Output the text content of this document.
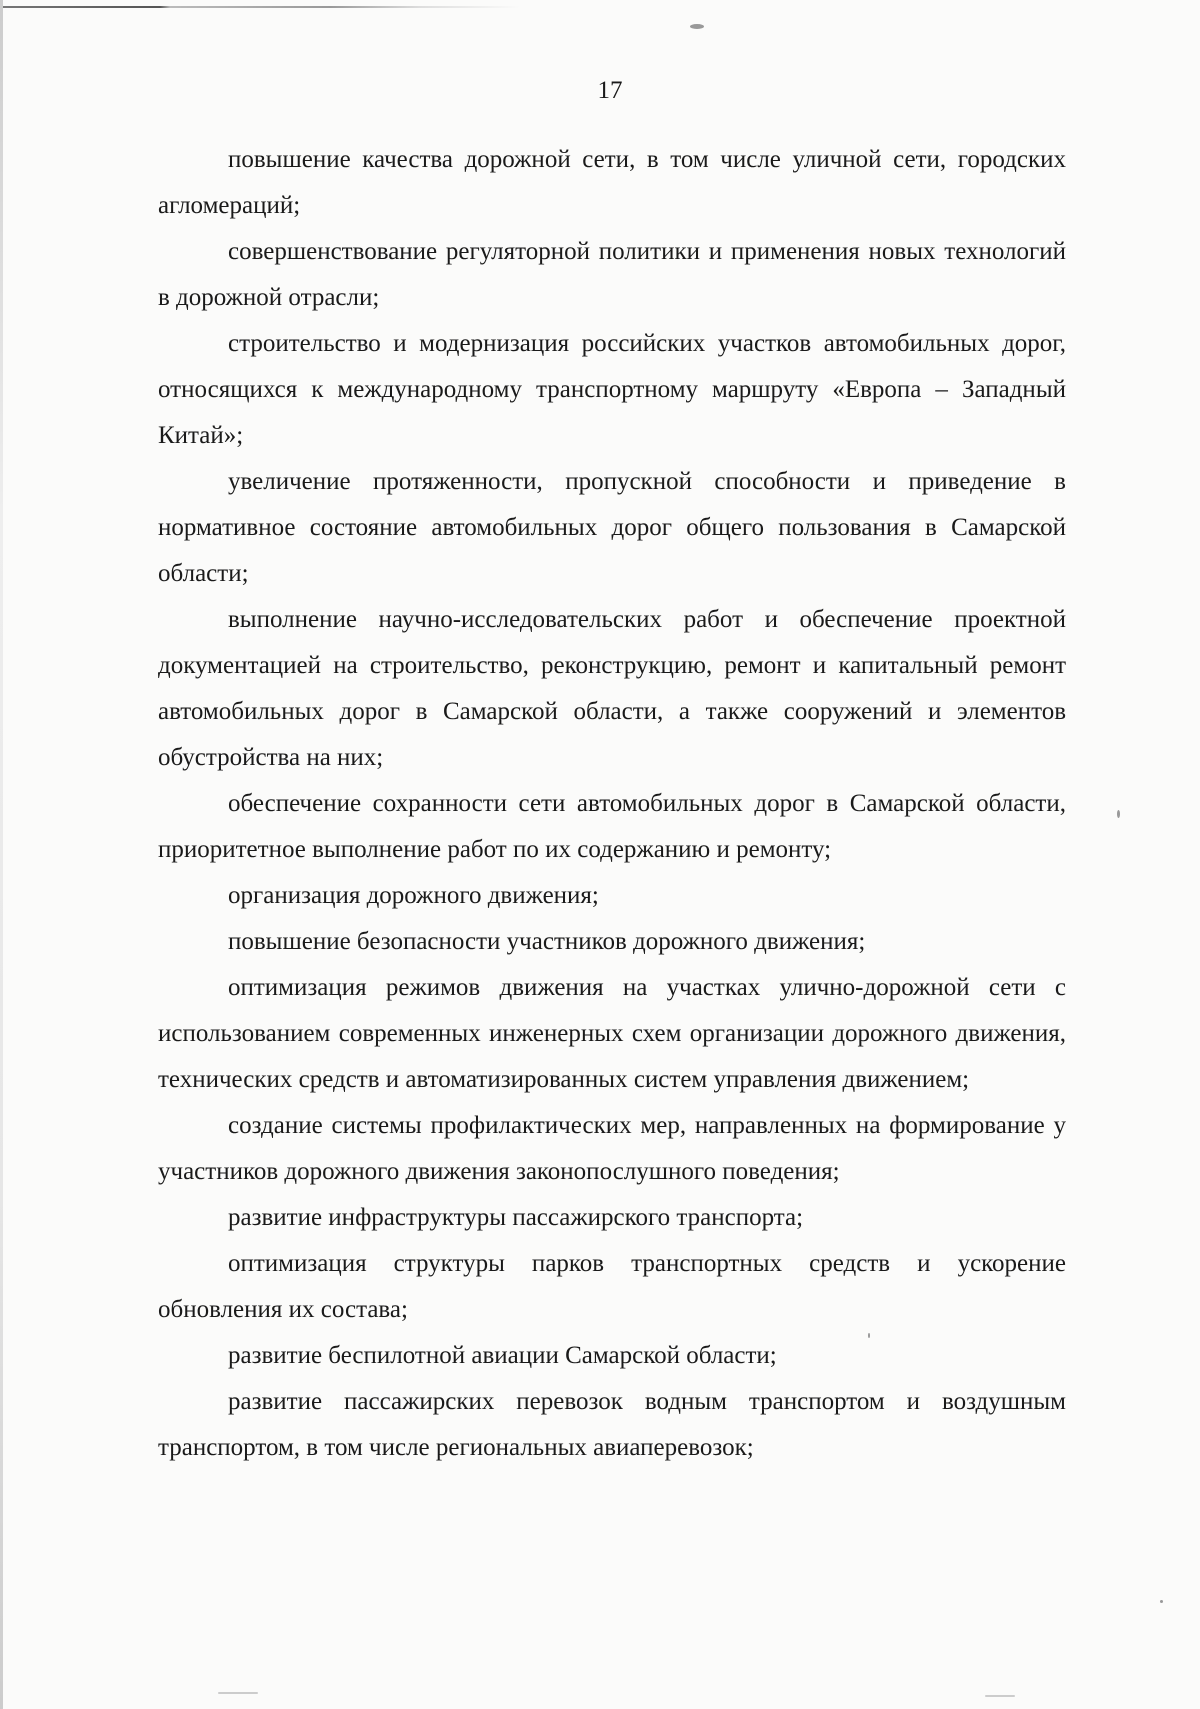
17

повышение качества дорожной сети, в том числе уличной сети, городских агломераций;

совершенствование регуляторной политики и применения новых технологий в дорожной отрасли;

строительство и модернизация российских участков автомобильных дорог, относящихся к международному транспортному маршруту «Европа – Западный Китай»;

увеличение протяженности, пропускной способности и приведение в нормативное состояние автомобильных дорог общего пользования в Самарской области;

выполнение научно-исследовательских работ и обеспечение проектной документацией на строительство, реконструкцию, ремонт и капитальный ремонт автомобильных дорог в Самарской области, а также сооружений и элементов обустройства на них;

обеспечение сохранности сети автомобильных дорог в Самарской области, приоритетное выполнение работ по их содержанию и ремонту;

организация дорожного движения;

повышение безопасности участников дорожного движения;

оптимизация режимов движения на участках улично-дорожной сети с использованием современных инженерных схем организации дорожного движения, технических средств и автоматизированных систем управления движением;

создание системы профилактических мер, направленных на формирование у участников дорожного движения законопослушного поведения;

развитие инфраструктуры пассажирского транспорта;

оптимизация структуры парков транспортных средств и ускорение обновления их состава;

развитие беспилотной авиации Самарской области;

развитие пассажирских перевозок водным транспортом и воздушным транспортом, в том числе региональных авиаперевозок;
